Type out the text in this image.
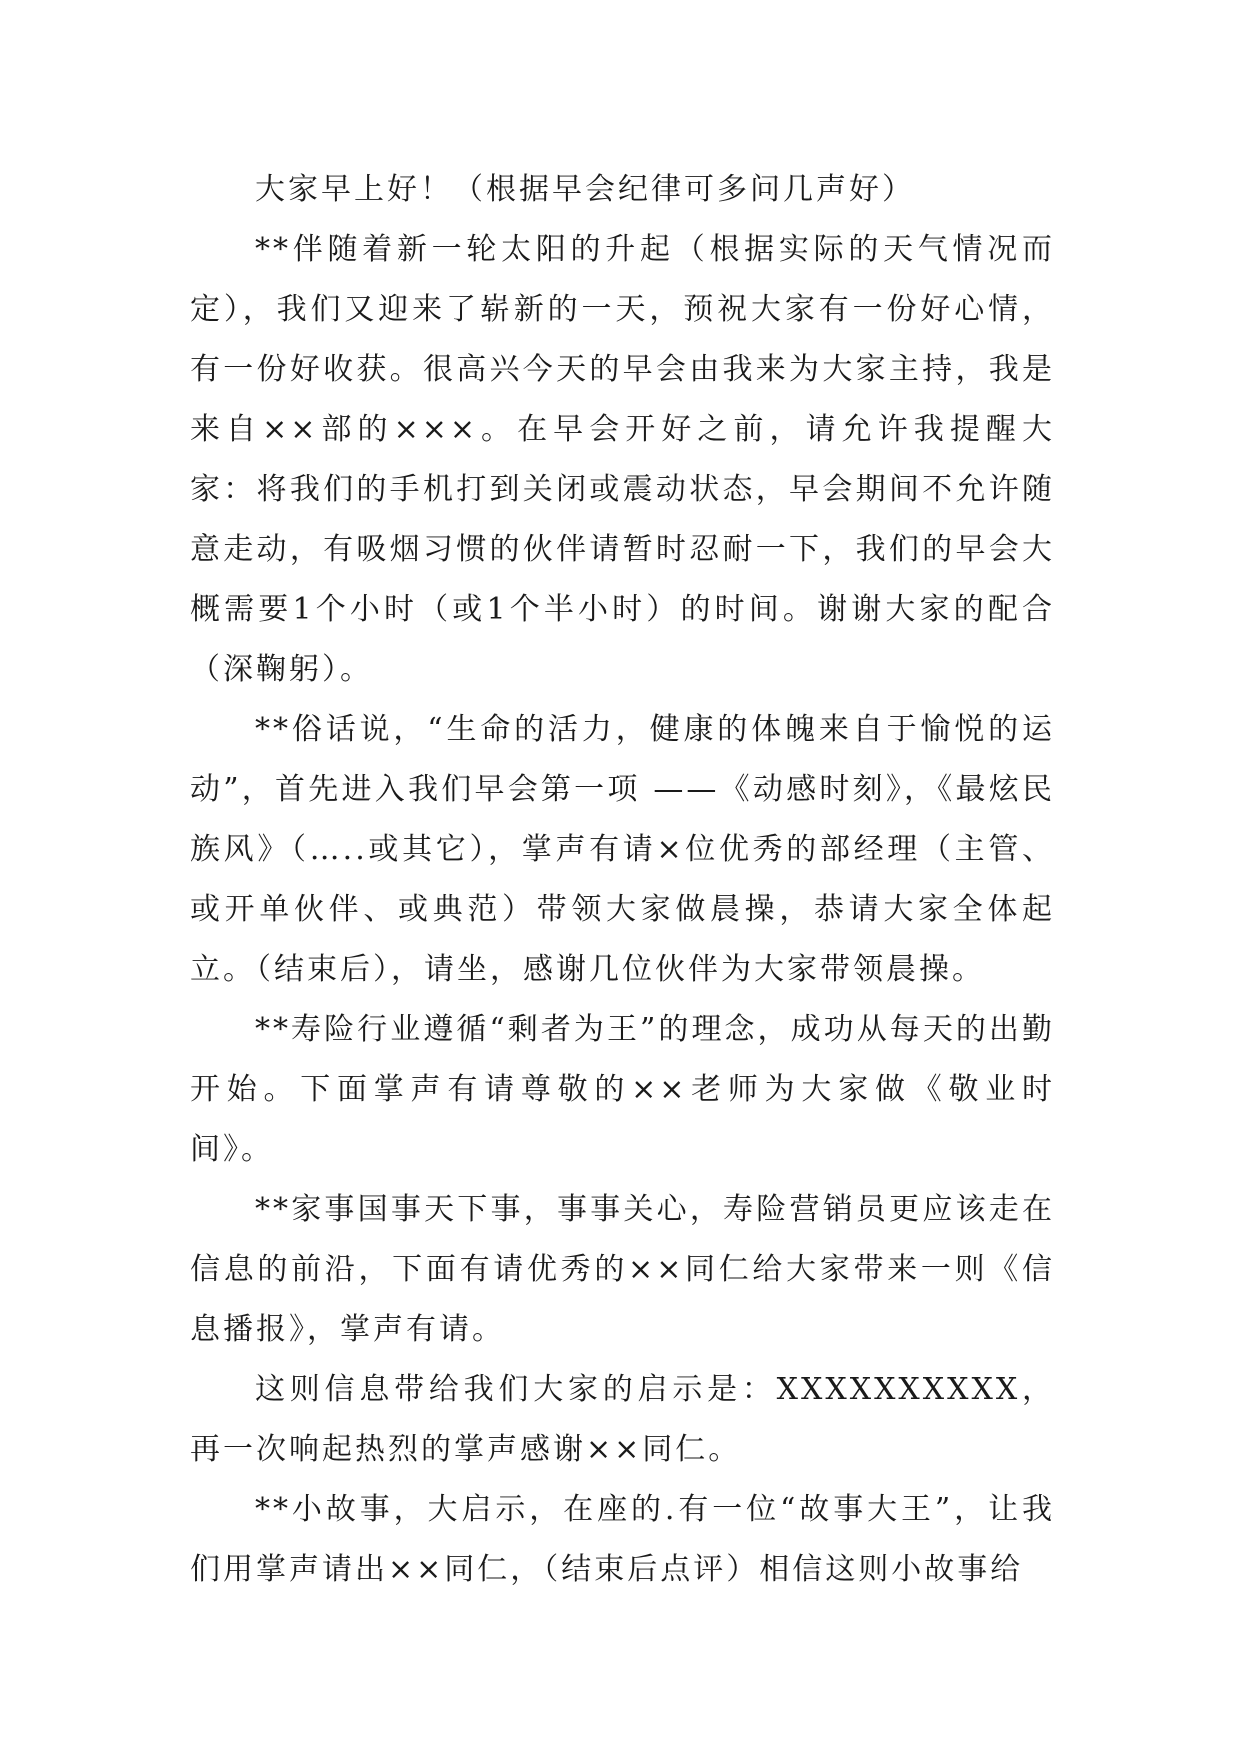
大家早上好！（根据早会纪律可多问几声好）

**伴随着新一轮太阳的升起（根据实际的天气情况而定），我们又迎来了崭新的一天，预祝大家有一份好心情，有一份好收获。很高兴今天的早会由我来为大家主持，我是来自××部的×××。在早会开好之前，请允许我提醒大家：将我们的手机打到关闭或震动状态，早会期间不允许随意走动，有吸烟习惯的伙伴请暂时忍耐一下，我们的早会大概需要1个小时（或1个半小时）的时间。谢谢大家的配合（深鞠躬）。

**俗话说，“生命的活力，健康的体魄来自于愉悦的运动”，首先进入我们早会第一项 ——《动感时刻》，《最炫民族风》（…..或其它），掌声有请×位优秀的部经理（主管、或开单伙伴、或典范）带领大家做晨操，恭请大家全体起立。（结束后），请坐，感谢几位伙伴为大家带领晨操。

**寿险行业遵循“剩者为王”的理念，成功从每天的出勤开始。下面掌声有请尊敬的××老师为大家做《敬业时间》。

**家事国事天下事，事事关心，寿险营销员更应该走在信息的前沿，下面有请优秀的××同仁给大家带来一则《信息播报》，掌声有请。

这则信息带给我们大家的启示是：XXXXXXXXXX，再一次响起热烈的掌声感谢××同仁。

**小故事，大启示，在座的.有一位“故事大王”，让我们用掌声请出××同仁，（结束后点评）相信这则小故事给
